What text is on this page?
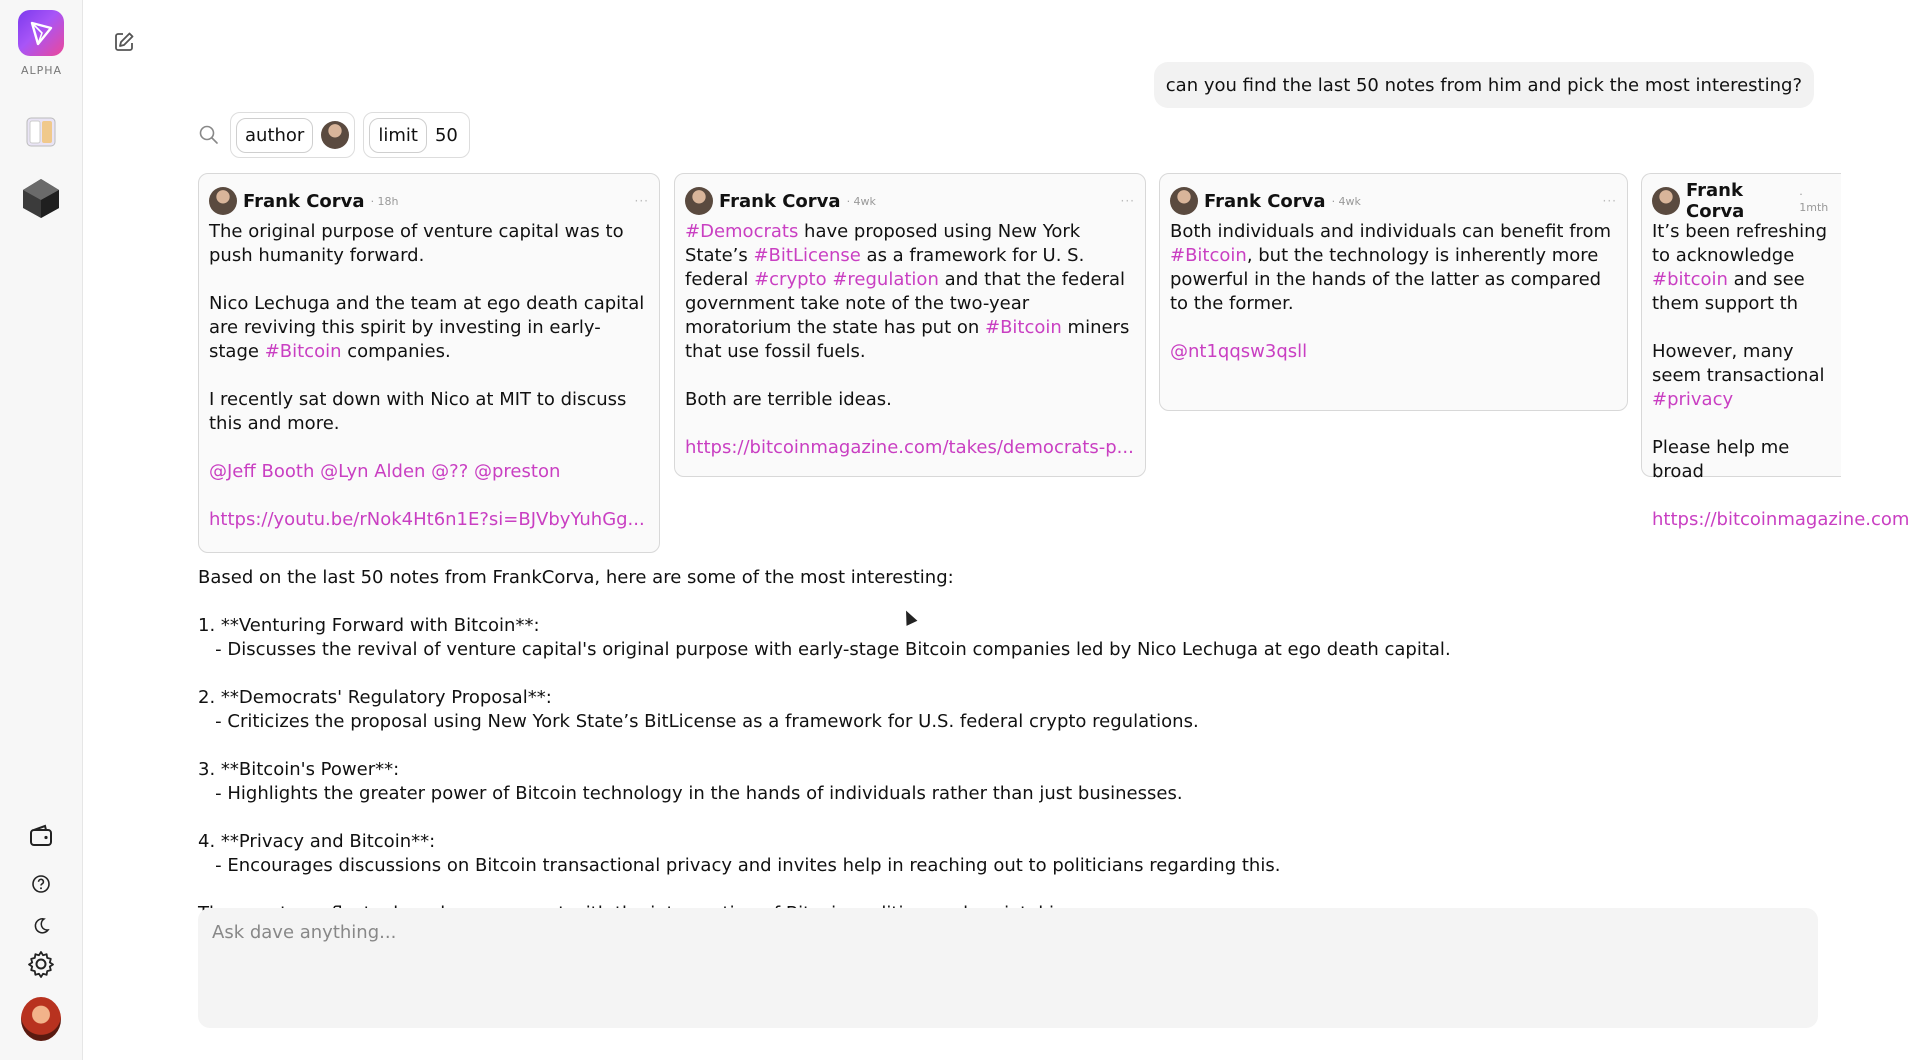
ALPHA
can you find the last 50 notes from him and pick the most interesting?
author	limit 50
Frank Corva · 18h	···

The original purpose of venture capital was to push humanity forward.

Nico Lechuga and the team at ego death capital are reviving this spirit by investing in early-stage #Bitcoin companies.

I recently sat down with Nico at MIT to discuss this and more.

@Jeff Booth @Lyn Alden @?? @preston

https://youtu.be/rNok4Ht6n1E?si=BJVbyYuhGg...

Frank Corva · 4wk	···

#Democrats have proposed using New York State’s #BitLicense as a framework for U. S. federal #crypto #regulation and that the federal government take note of the two-year moratorium the state has put on #Bitcoin miners that use fossil fuels.

Both are terrible ideas.

https://bitcoinmagazine.com/takes/democrats-p...

Frank Corva · 4wk	···

Both individuals and individuals can benefit from #Bitcoin, but the technology is inherently more powerful in the hands of the latter as compared to the former.

@nt1qqsw3qsll

Frank Corva
· 1mth

It’s been refreshing to acknowledge #bitcoin and see them support th

However, many seem transactional #privacy

Please help me broad

https://bitcoinmagazine.com

Based on the last 50 notes from FrankCorva, here are some of the most interesting:

1. **Venturing Forward with Bitcoin**:
- Discusses the revival of venture capital's original purpose with early-stage Bitcoin companies led by Nico Lechuga at ego death capital.

2. **Democrats' Regulatory Proposal**:
- Criticizes the proposal using New York State’s BitLicense as a framework for U.S. federal crypto regulations.

3. **Bitcoin's Power**:
- Highlights the greater power of Bitcoin technology in the hands of individuals rather than just businesses.

4. **Privacy and Bitcoin**:
- Encourages discussions on Bitcoin transactional privacy and invites help in reaching out to politicians regarding this.

Ask dave anything...
